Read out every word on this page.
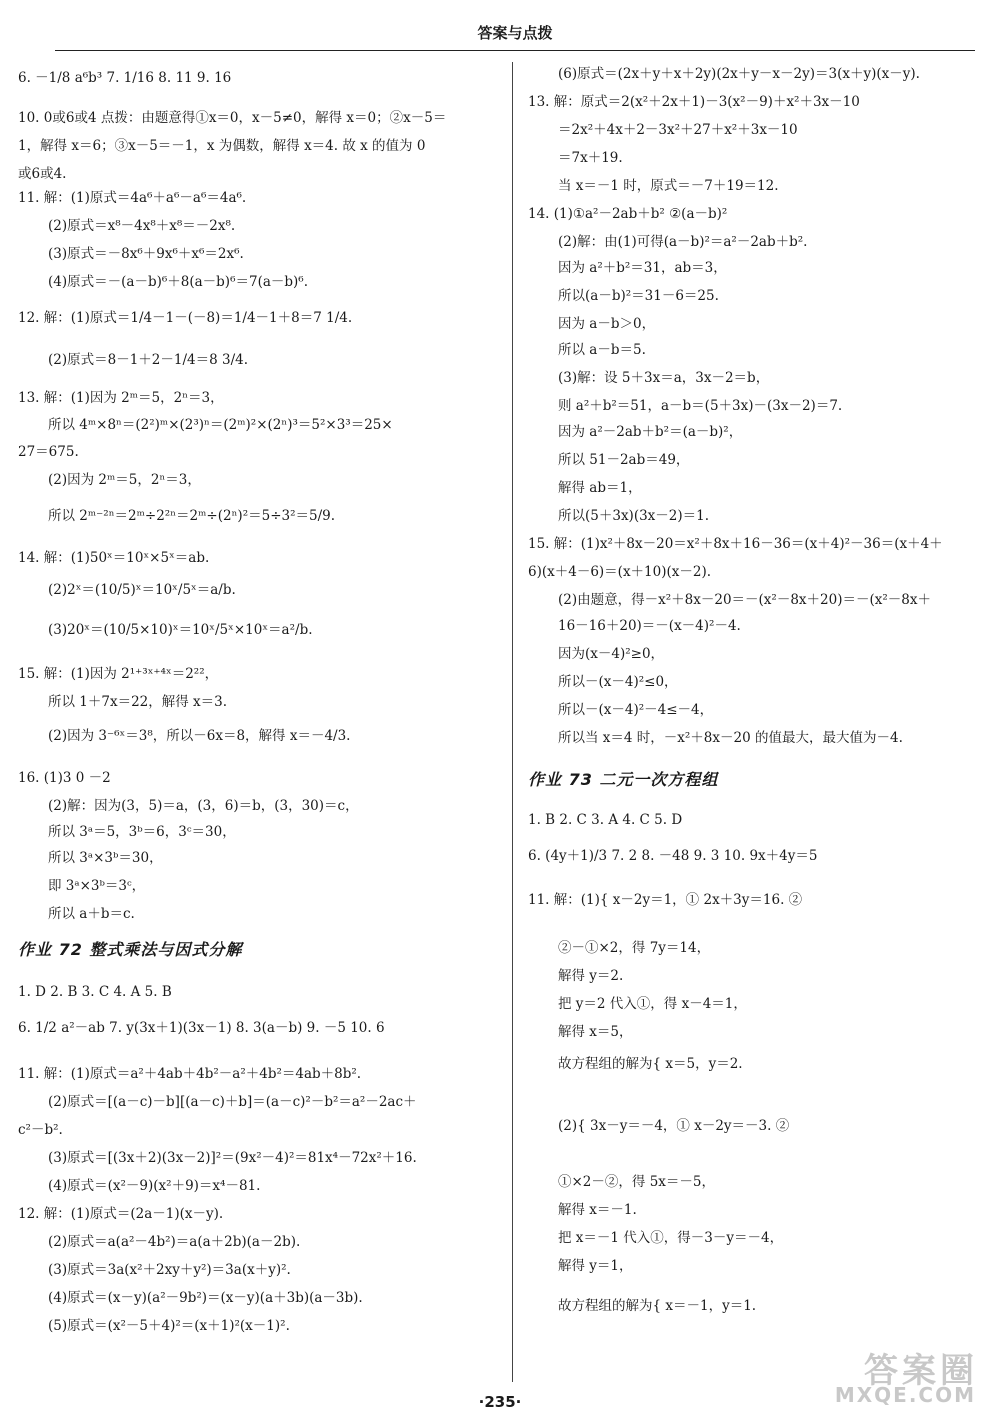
答案与点拨
6. －1/8 a⁶b³ 7. 1/16 8. 11 9. 16
10. 0或6或4 点拨：由题意得①x＝0，x－5≠0，解得 x＝0；②x－5＝
1，解得 x＝6；③x－5＝－1，x 为偶数，解得 x＝4. 故 x 的值为 0
或6或4.
11. 解：(1)原式＝4a⁶＋a⁶－a⁶＝4a⁶.
(2)原式＝x⁸－4x⁸＋x⁸＝－2x⁸.
(3)原式＝－8x⁶＋9x⁶＋x⁶＝2x⁶.
(4)原式＝－(a－b)⁶＋8(a－b)⁶＝7(a－b)⁶.
12. 解：(1)原式＝1/4－1－(－8)＝1/4－1＋8＝7 1/4.
(2)原式＝8－1＋2－1/4＝8 3/4.
13. 解：(1)因为 2ᵐ＝5，2ⁿ＝3，
所以 4ᵐ×8ⁿ＝(2²)ᵐ×(2³)ⁿ＝(2ᵐ)²×(2ⁿ)³＝5²×3³＝25×
27＝675.
(2)因为 2ᵐ＝5，2ⁿ＝3，
所以 2ᵐ⁻²ⁿ＝2ᵐ÷2²ⁿ＝2ᵐ÷(2ⁿ)²＝5÷3²＝5/9.
14. 解：(1)50ˣ＝10ˣ×5ˣ＝ab.
(2)2ˣ＝(10/5)ˣ＝10ˣ/5ˣ＝a/b.
(3)20ˣ＝(10/5×10)ˣ＝10ˣ/5ˣ×10ˣ＝a²/b.
15. 解：(1)因为 2¹⁺³ˣ⁺⁴ˣ＝2²²，
所以 1＋7x＝22，解得 x＝3.
(2)因为 3⁻⁶ˣ＝3⁸，所以－6x＝8，解得 x＝－4/3.
16. (1)3 0 －2
(2)解：因为(3，5)＝a，(3，6)＝b，(3，30)＝c，
所以 3ᵃ＝5，3ᵇ＝6，3ᶜ＝30，
所以 3ᵃ×3ᵇ＝30，
即 3ᵃ×3ᵇ＝3ᶜ，
所以 a＋b＝c.
作业 72 整式乘法与因式分解
1. D 2. B 3. C 4. A 5. B
6. 1/2 a²－ab 7. y(3x＋1)(3x－1) 8. 3(a－b) 9. －5 10. 6
11. 解：(1)原式＝a²＋4ab＋4b²－a²＋4b²＝4ab＋8b².
(2)原式＝[(a－c)－b][(a－c)＋b]＝(a－c)²－b²＝a²－2ac＋
c²－b².
(3)原式＝[(3x＋2)(3x－2)]²＝(9x²－4)²＝81x⁴－72x²＋16.
(4)原式＝(x²－9)(x²＋9)＝x⁴－81.
12. 解：(1)原式＝(2a－1)(x－y).
(2)原式＝a(a²－4b²)＝a(a＋2b)(a－2b).
(3)原式＝3a(x²＋2xy＋y²)＝3a(x＋y)².
(4)原式＝(x－y)(a²－9b²)＝(x－y)(a＋3b)(a－3b).
(5)原式＝(x²－5＋4)²＝(x＋1)²(x－1)².
(6)原式＝(2x＋y＋x＋2y)(2x＋y－x－2y)＝3(x＋y)(x－y).
13. 解：原式＝2(x²＋2x＋1)－3(x²－9)＋x²＋3x－10
＝2x²＋4x＋2－3x²＋27＋x²＋3x－10
＝7x＋19.
当 x＝－1 时，原式＝－7＋19＝12.
14. (1)①a²－2ab＋b² ②(a－b)²
(2)解：由(1)可得(a－b)²＝a²－2ab＋b².
因为 a²＋b²＝31，ab＝3，
所以(a－b)²＝31－6＝25.
因为 a－b＞0，
所以 a－b＝5.
(3)解：设 5＋3x＝a，3x－2＝b，
则 a²＋b²＝51，a－b＝(5＋3x)－(3x－2)＝7.
因为 a²－2ab＋b²＝(a－b)²，
所以 51－2ab＝49，
解得 ab＝1，
所以(5＋3x)(3x－2)＝1.
15. 解：(1)x²＋8x－20＝x²＋8x＋16－36＝(x＋4)²－36＝(x＋4＋
6)(x＋4－6)＝(x＋10)(x－2).
(2)由题意，得－x²＋8x－20＝－(x²－8x＋20)＝－(x²－8x＋
16－16＋20)＝－(x－4)²－4.
因为(x－4)²≥0，
所以－(x－4)²≤0，
所以－(x－4)²－4≤－4，
所以当 x＝4 时，－x²＋8x－20 的值最大，最大值为－4.
作业 73 二元一次方程组
1. B 2. C 3. A 4. C 5. D
6. (4y＋1)/3 7. 2 8. －48 9. 3 10. 9x＋4y＝5
11. 解：(1){ x－2y＝1，① 2x＋3y＝16. ②
②－①×2，得 7y＝14，
解得 y＝2.
把 y＝2 代入①，得 x－4＝1，
解得 x＝5，
故方程组的解为{ x＝5，y＝2.
(2){ 3x－y＝－4，① x－2y＝－3. ②
①×2－②，得 5x＝－5，
解得 x＝－1.
把 x＝－1 代入①，得－3－y＝－4，
解得 y＝1，
故方程组的解为{ x＝－1，y＝1.
·235·
答案圈
MXQE.COM
